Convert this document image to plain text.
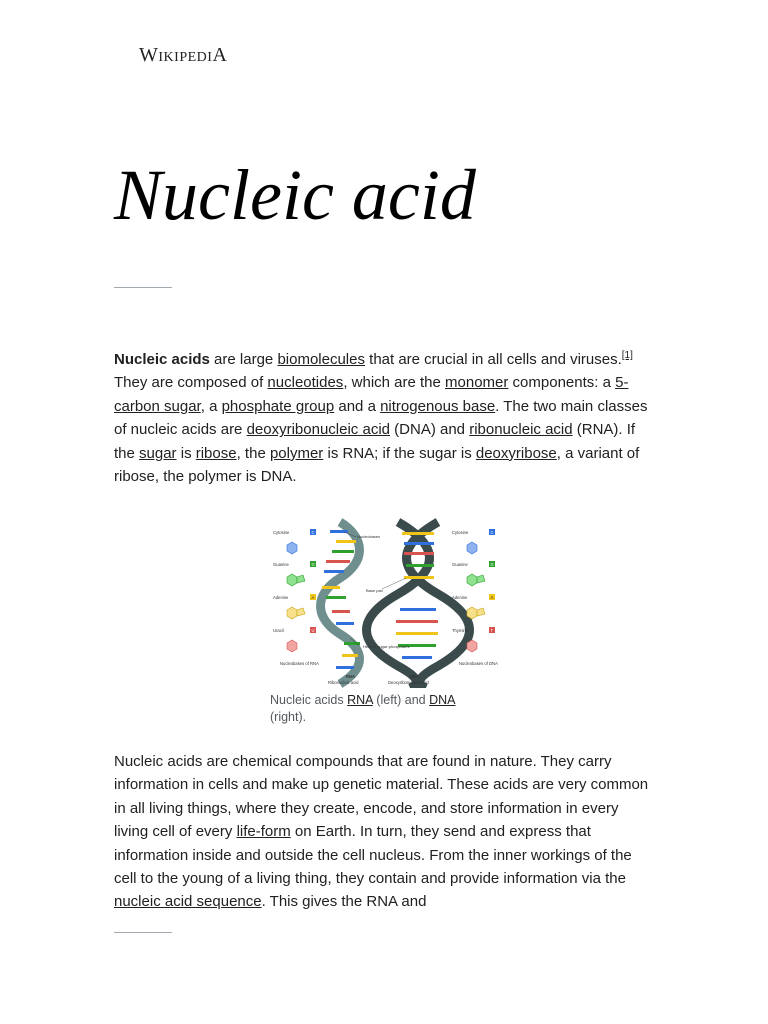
WIKIPEDIA
Nucleic acid

Nucleic acids are large biomolecules that are crucial in all cells and viruses.[1] They are composed of nucleotides, which are the monomer components: a 5-carbon sugar, a phosphate group and a nitrogenous base. The two main classes of nucleic acids are deoxyribonucleic acid (DNA) and ribonucleic acid (RNA). If the sugar is ribose, the polymer is RNA; if the sugar is deoxyribose, a variant of ribose, the polymer is DNA.

Cytosine	C
Guanine	G
Adenine	A
Uracil	U
Nucleobases of RNA
RNA
Ribonucleic acid
Cytosine	C
Guanine	G
Adenine	A
Thymine	T
Nucleobases of DNA
DNA
Deoxyribonucleic acid
Nucleobases
Base pair
Helix of sugar-phosphates

Nucleic acids RNA (left) and DNA
(right).

Nucleic acids are chemical compounds that are found in nature. They carry information in cells and make up genetic material. These acids are very common in all living things, where they create, encode, and store information in every living cell of every life-form on Earth. In turn, they send and express that information inside and outside the cell nucleus. From the inner workings of the cell to the young of a living thing, they contain and provide information via the nucleic acid sequence. This gives the RNA and
